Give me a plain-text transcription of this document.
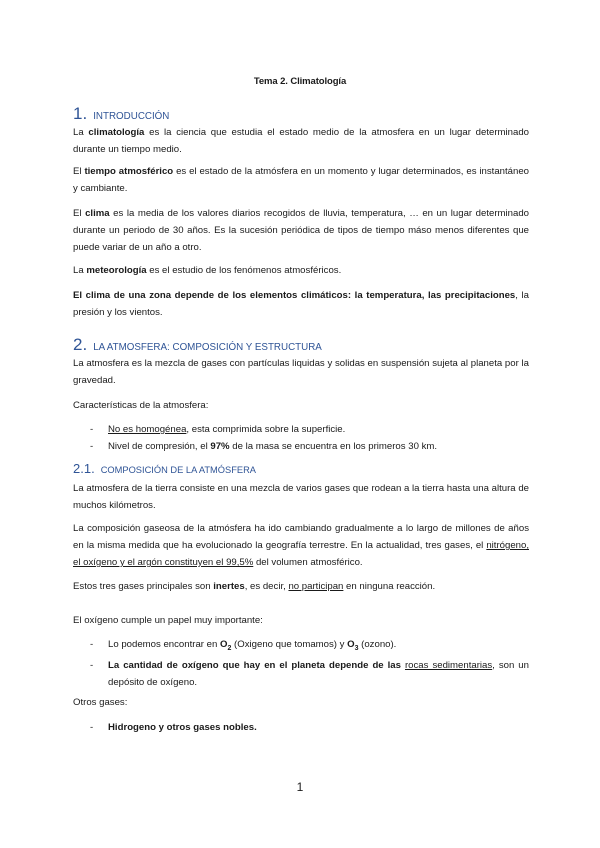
Tema 2. Climatología
1. INTRODUCCIÓN

La climatología es la ciencia que estudia el estado medio de la atmosfera en un lugar determinado durante un tiempo medio.

El tiempo atmosférico es el estado de la atmósfera en un momento y lugar determinados, es instantáneo y cambiante.

El clima es la media de los valores diarios recogidos de lluvia, temperatura, … en un lugar determinado durante un periodo de 30 años. Es la sucesión periódica de tipos de tiempo máso menos diferentes que puede variar de un año a otro.

La meteorología es el estudio de los fenómenos atmosféricos.

El clima de una zona depende de los elementos climáticos: la temperatura, las precipitaciones, la presión y los vientos.

2. LA ATMOSFERA: COMPOSICIÓN Y ESTRUCTURA

La atmosfera es la mezcla de gases con partículas liquidas y solidas en suspensión sujeta al planeta por la gravedad.

Características de la atmosfera:

- No es homogénea, esta comprimida sobre la superficie.
- Nivel de compresión, el 97% de la masa se encuentra en los primeros 30 km.
2.1. COMPOSICIÓN DE LA ATMÓSFERA

La atmosfera de la tierra consiste en una mezcla de varios gases que rodean a la tierra hasta una altura de muchos kilómetros.

La composición gaseosa de la atmósfera ha ido cambiando gradualmente a lo largo de millones de años en la misma medida que ha evolucionado la geografía terrestre. En la actualidad, tres gases, el nitrógeno, el oxígeno y el argón constituyen el 99,5% del volumen atmosférico.

Estos tres gases principales son inertes, es decir, no participan en ninguna reacción.

El oxígeno cumple un papel muy importante:

- Lo podemos encontrar en $O_2$ (Oxigeno que tomamos) y $O_3$ (ozono).
- La cantidad de oxígeno que hay en el planeta depende de las rocas sedimentarias, son un depósito de oxígeno.

Otros gases:

- Hidrogeno y otros gases nobles.
1
